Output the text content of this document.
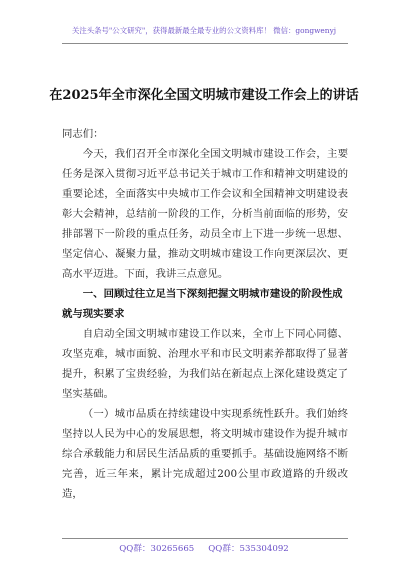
关注头条号"公文研究"，获得最新最全最专业的公文资料库！ 微信：gongwenyj
在2025年全市深化全国文明城市建设工作会上的讲话
同志们：

今天，我们召开全市深化全国文明城市建设工作会，主要任务是深入贯彻习近平总书记关于城市工作和精神文明建设的重要论述，全面落实中央城市工作会议和全国精神文明建设表彰大会精神，总结前一阶段的工作，分析当前面临的形势，安排部署下一阶段的重点任务，动员全市上下进一步统一思想、坚定信心、凝聚力量，推动文明城市建设工作向更深层次、更高水平迈进。下面，我讲三点意见。

一、回顾过往立足当下深刻把握文明城市建设的阶段性成就与现实要求

自启动全国文明城市建设工作以来，全市上下同心同德、攻坚克难，城市面貌、治理水平和市民文明素养都取得了显著提升，积累了宝贵经验，为我们站在新起点上深化建设奠定了坚实基础。

（一）城市品质在持续建设中实现系统性跃升。我们始终坚持以人民为中心的发展思想，将文明城市建设作为提升城市综合承载能力和居民生活品质的重要抓手。基础设施网络不断完善，近三年来，累计完成超过200公里市政道路的升级改造，

QQ群：30265665 QQ群：535304092
